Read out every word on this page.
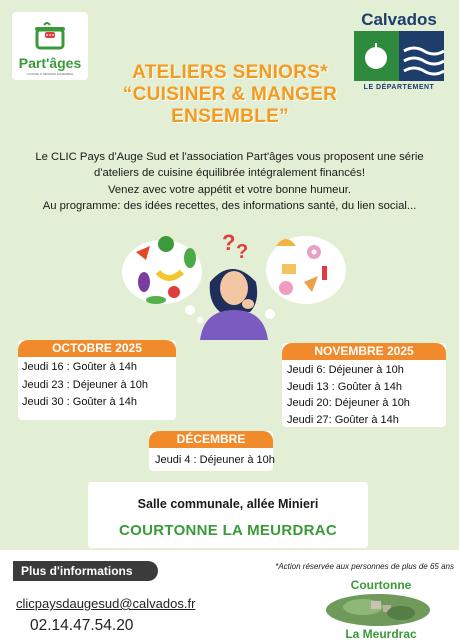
Part'âges
CUISINE & SENIORS ENSEMBLE
Calvados
LE DÉPARTEMENT
ATELIERS SENIORS*
“CUISINER & MANGER
ENSEMBLE”
Le CLIC Pays d'Auge Sud et l'association Part'âges vous proposent une série
d'ateliers de cuisine équilibrée intégralement financés!
Venez avec votre appétit et votre bonne humeur.
Au programme: des idées recettes, des informations santé, du lien social...
? ?
OCTOBRE 2025
Jeudi 16 : Goûter à 14h
Jeudi 23 : Déjeuner à 10h
Jeudi 30 : Goûter à 14h
NOVEMBRE 2025
Jeudi 6: Déjeuner à 10h
Jeudi 13 : Goûter à 14h
Jeudi 20: Déjeuner à 10h
Jeudi 27: Goûter à 14h
DÉCEMBRE
Jeudi 4 : Déjeuner à 10h
Salle communale, allée Minieri
COURTONNE LA MEURDRAC
Plus d'informations	*Action réservée aux personnes de plus de 65 ans
clicpaysdaugesud@calvados.fr
02.14.47.54.20
Courtonne
La Meurdrac
